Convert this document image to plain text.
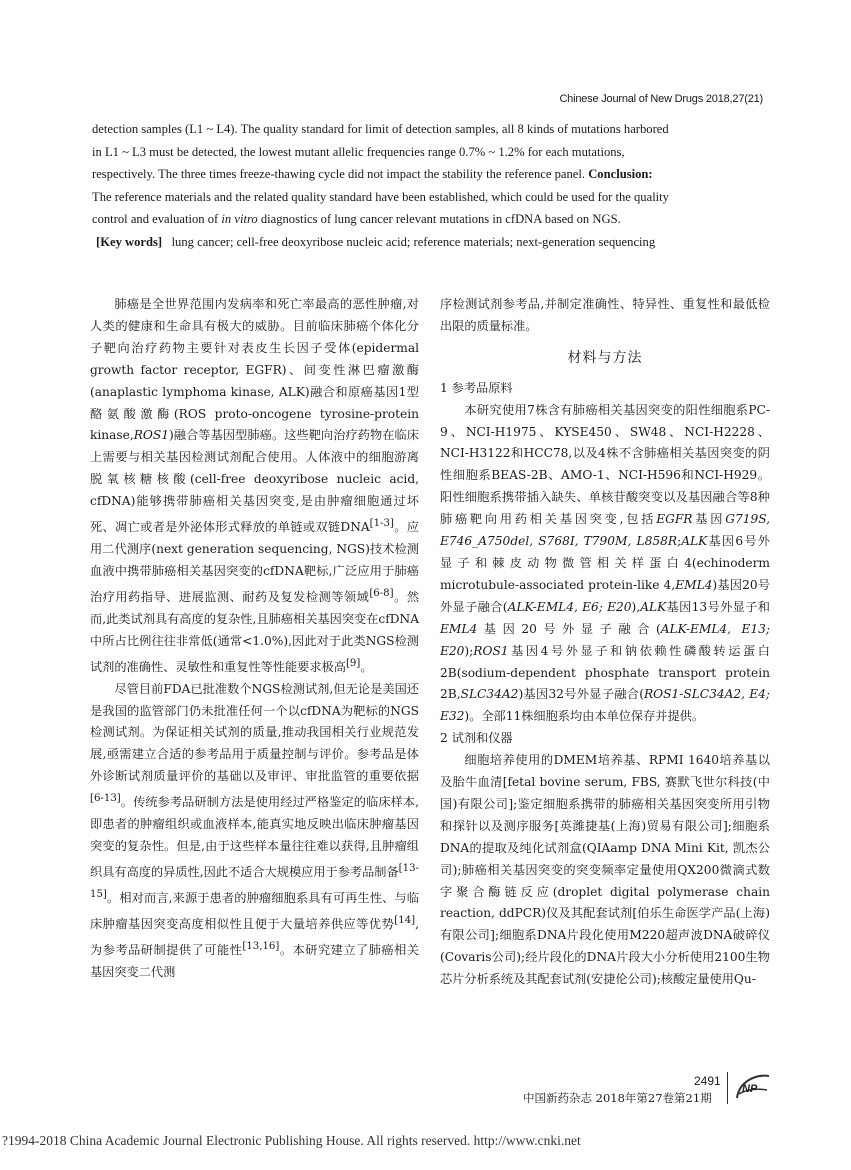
Chinese Journal of New Drugs 2018,27(21)

detection samples (L1 ~ L4). The quality standard for limit of detection samples, all 8 kinds of mutations harbored

in L1 ~ L3 must be detected, the lowest mutant allelic frequencies range 0.7% ~ 1.2% for each mutations,

respectively. The three times freeze-thawing cycle did not impact the stability the reference panel. Conclusion:

The reference materials and the related quality standard have been established, which could be used for the quality

control and evaluation of in vitro diagnostics of lung cancer relevant mutations in cfDNA based on NGS.

[Key words] lung cancer; cell-free deoxyribose nucleic acid; reference materials; next-generation sequencing

肺癌是全世界范围内发病率和死亡率最高的恶性肿瘤,对人类的健康和生命具有极大的威胁。目前临床肺癌个体化分子靶向治疗药物主要针对表皮生长因子受体(epidermal growth factor receptor, EGFR)、间变性淋巴瘤激酶(anaplastic lymphoma kinase, ALK)融合和原癌基因1型酪氨酸激酶(ROS proto-oncogene tyrosine-protein kinase,ROS1)融合等基因型肺癌。这些靶向治疗药物在临床上需要与相关基因检测试剂配合使用。人体液中的细胞游离脱氧核糖核酸(cell-free deoxyribose nucleic acid, cfDNA)能够携带肺癌相关基因突变,是由肿瘤细胞通过坏死、凋亡或者是外泌体形式释放的单链或双链DNA[1-3]。应用二代测序(next generation sequencing, NGS)技术检测血液中携带肺癌相关基因突变的cfDNA靶标,广泛应用于肺癌治疗用药指导、进展监测、耐药及复发检测等领域[6-8]。然而,此类试剂具有高度的复杂性,且肺癌相关基因突变在cfDNA中所占比例往往非常低(通常<1.0%),因此对于此类NGS检测试剂的准确性、灵敏性和重复性等性能要求极高[9]。

尽管目前FDA已批准数个NGS检测试剂,但无论是美国还是我国的监管部门仍未批准任何一个以cfDNA为靶标的NGS检测试剂。为保证相关试剂的质量,推动我国相关行业规范发展,亟需建立合适的参考品用于质量控制与评价。参考品是体外诊断试剂质量评价的基础以及审评、审批监管的重要依据[6-13]。传统参考品研制方法是使用经过严格鉴定的临床样本,即患者的肿瘤组织或血液样本,能真实地反映出临床肿瘤基因突变的复杂性。但是,由于这些样本量往往难以获得,且肿瘤组织具有高度的异质性,因此不适合大规模应用于参考品制备[13-15]。相对而言,来源于患者的肿瘤细胞系具有可再生性、与临床肿瘤基因突变高度相似性且便于大量培养供应等优势[14],为参考品研制提供了可能性[13,16]。本研究建立了肺癌相关基因突变二代测

序检测试剂参考品,并制定准确性、特异性、重复性和最低检出限的质量标准。

材料与方法

1 参考品原料

本研究使用7株含有肺癌相关基因突变的阳性细胞系PC-9、NCI-H1975、KYSE450、SW48、NCI-H2228、NCI-H3122和HCC78,以及4株不含肺癌相关基因突变的阴性细胞系BEAS-2B、AMO-1、NCI-H596和NCI-H929。阳性细胞系携带插入缺失、单核苷酸突变以及基因融合等8种肺癌靶向用药相关基因突变,包括EGFR基因G719S, E746_A750del, S768I, T790M, L858R;ALK基因6号外显子和棘皮动物微管相关样蛋白4(echinoderm microtubule-associated protein-like 4,EML4)基因20号外显子融合(ALK-EML4, E6; E20),ALK基因13号外显子和EML4基因20号外显子融合(ALK-EML4, E13; E20);ROS1基因4号外显子和钠依赖性磷酸转运蛋白2B(sodium-dependent phosphate transport protein 2B,SLC34A2)基因32号外显子融合(ROS1-SLC34A2, E4; E32)。全部11株细胞系均由本单位保存并提供。

2 试剂和仪器

细胞培养使用的DMEM培养基、RPMI 1640培养基以及胎牛血清[fetal bovine serum, FBS, 赛默飞世尔科技(中国)有限公司];鉴定细胞系携带的肺癌相关基因突变所用引物和探针以及测序服务[英潍捷基(上海)贸易有限公司];细胞系DNA的提取及纯化试剂盒(QIAamp DNA Mini Kit, 凯杰公司);肺癌相关基因突变的突变频率定量使用QX200微滴式数字聚合酶链反应(droplet digital polymerase chain reaction, ddPCR)仪及其配套试剂[伯乐生命医学产品(上海)有限公司];细胞系DNA片段化使用M220超声波DNA破碎仪(Covaris公司);经片段化的DNA片段大小分析使用2100生物芯片分析系统及其配套试剂(安捷伦公司);核酸定量使用Qu-

2491
中国新药杂志 2018年第27卷第21期
NP
?1994-2018 China Academic Journal Electronic Publishing House. All rights reserved. http://www.cnki.net
